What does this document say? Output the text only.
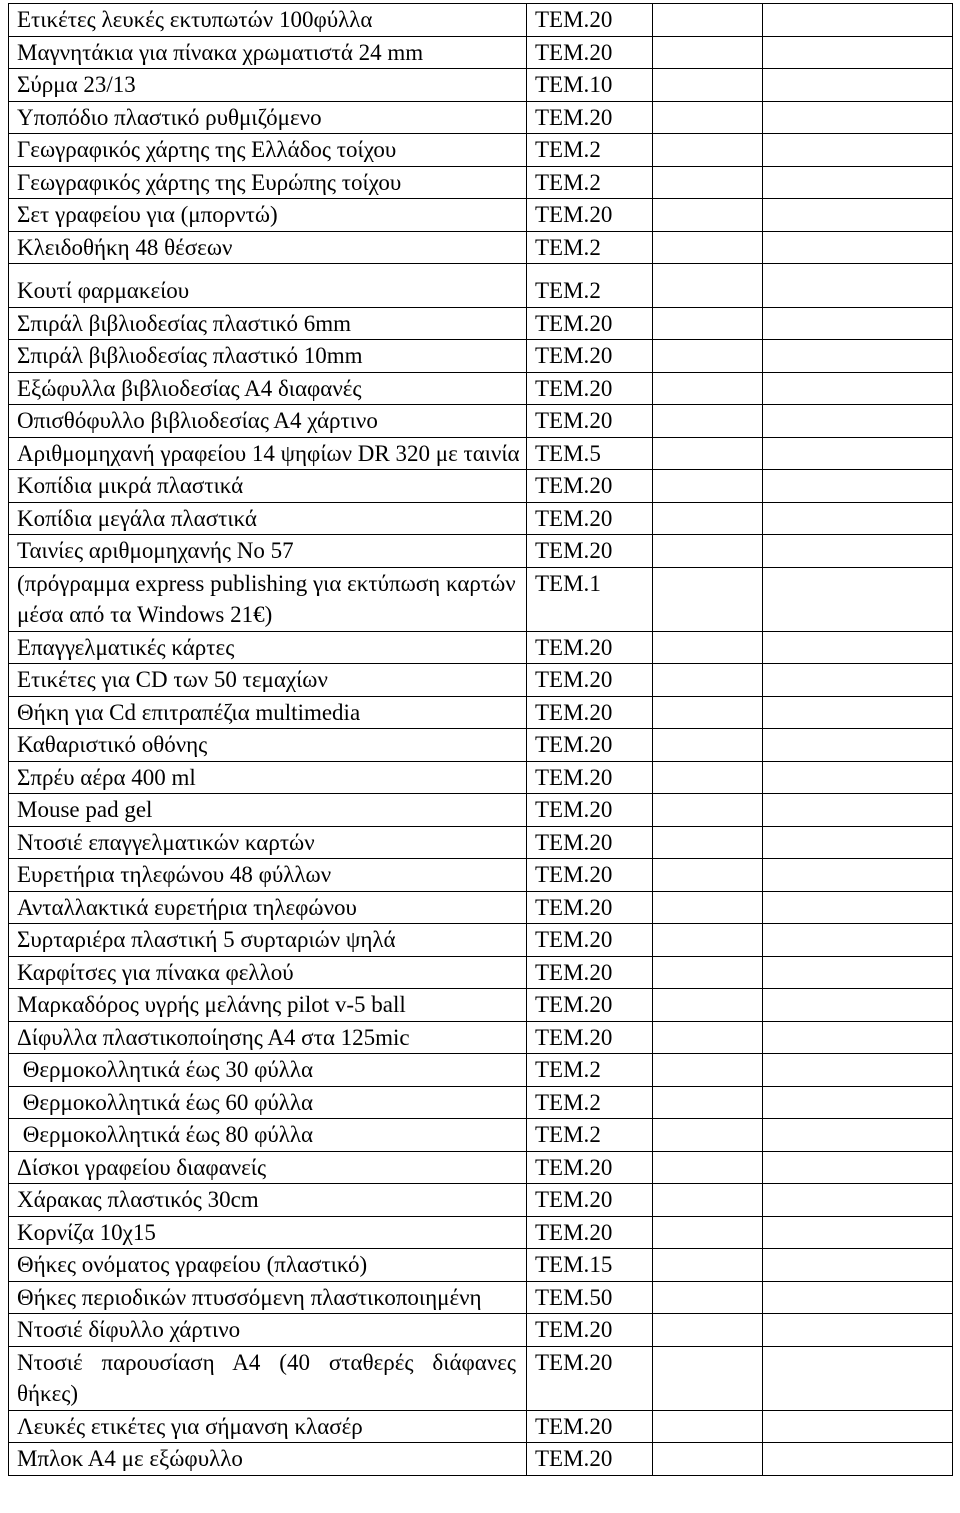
Ετικέτες λευκές εκτυπωτών 100φύλλα	ΤΕΜ.20		
Μαγνητάκια για πίνακα χρωματιστά 24 mm	ΤΕΜ.20		
Σύρμα 23/13	ΤΕΜ.10		
Υποπόδιο πλαστικό ρυθμιζόμενο	ΤΕΜ.20		
Γεωγραφικός χάρτης της Ελλάδος τοίχου	ΤΕΜ.2		
Γεωγραφικός χάρτης της Ευρώπης τοίχου	ΤΕΜ.2		
Σετ γραφείου για (μπορντώ)	ΤΕΜ.20		
Κλειδοθήκη 48 θέσεων	ΤΕΜ.2		
Κουτί φαρμακείου	ΤΕΜ.2		
Σπιράλ βιβλιοδεσίας πλαστικό 6mm	ΤΕΜ.20		
Σπιράλ βιβλιοδεσίας πλαστικό 10mm	ΤΕΜ.20		
Εξώφυλλα βιβλιοδεσίας Α4 διαφανές	ΤΕΜ.20		
Οπισθόφυλλο βιβλιοδεσίας Α4 χάρτινο	ΤΕΜ.20		
Αριθμομηχανή γραφείου 14 ψηφίων DR 320 με ταινία	ΤΕΜ.5		
Κοπίδια μικρά πλαστικά	ΤΕΜ.20		
Κοπίδια μεγάλα πλαστικά	ΤΕΜ.20		
Ταινίες αριθμομηχανής Νο 57	ΤΕΜ.20		
(πρόγραμμα express publishing για εκτύπωση καρτών μέσα από τα Windows 21€)	ΤΕΜ.1		
Επαγγελματικές κάρτες	ΤΕΜ.20		
Ετικέτες για CD των 50 τεμαχίων	ΤΕΜ.20		
Θήκη για Cd επιτραπέζια multimedia	ΤΕΜ.20		
Καθαριστικό οθόνης	ΤΕΜ.20		
Σπρέυ αέρα 400 ml	ΤΕΜ.20		
Mouse pad gel	ΤΕΜ.20		
Ντοσιέ επαγγελματικών καρτών	ΤΕΜ.20		
Ευρετήρια τηλεφώνου 48 φύλλων	ΤΕΜ.20		
Ανταλλακτικά ευρετήρια τηλεφώνου	ΤΕΜ.20		
Συρταριέρα πλαστική 5 συρταριών ψηλά	ΤΕΜ.20		
Καρφίτσες για πίνακα φελλού	ΤΕΜ.20		
Μαρκαδόρος υγρής μελάνης pilot v-5 ball	ΤΕΜ.20		
Δίφυλλα πλαστικοποίησης Α4 στα 125mic	ΤΕΜ.20		
Θερμοκολλητικά έως 30 φύλλα	ΤΕΜ.2		
Θερμοκολλητικά έως 60 φύλλα	ΤΕΜ.2		
Θερμοκολλητικά έως 80 φύλλα	ΤΕΜ.2		
Δίσκοι γραφείου διαφανείς	ΤΕΜ.20		
Χάρακας πλαστικός 30cm	ΤΕΜ.20		
Κορνίζα 10χ15	ΤΕΜ.20		
Θήκες ονόματος γραφείου (πλαστικό)	ΤΕΜ.15		
Θήκες περιοδικών πτυσσόμενη πλαστικοποιημένη	ΤΕΜ.50		
Ντοσιέ δίφυλλο χάρτινο	ΤΕΜ.20		
Ντοσιέ παρουσίαση Α4 (40 σταθερές διάφανες θήκες)	ΤΕΜ.20		
Λευκές ετικέτες για σήμανση κλασέρ	ΤΕΜ.20		
Μπλοκ Α4 με εξώφυλλο	ΤΕΜ.20		
